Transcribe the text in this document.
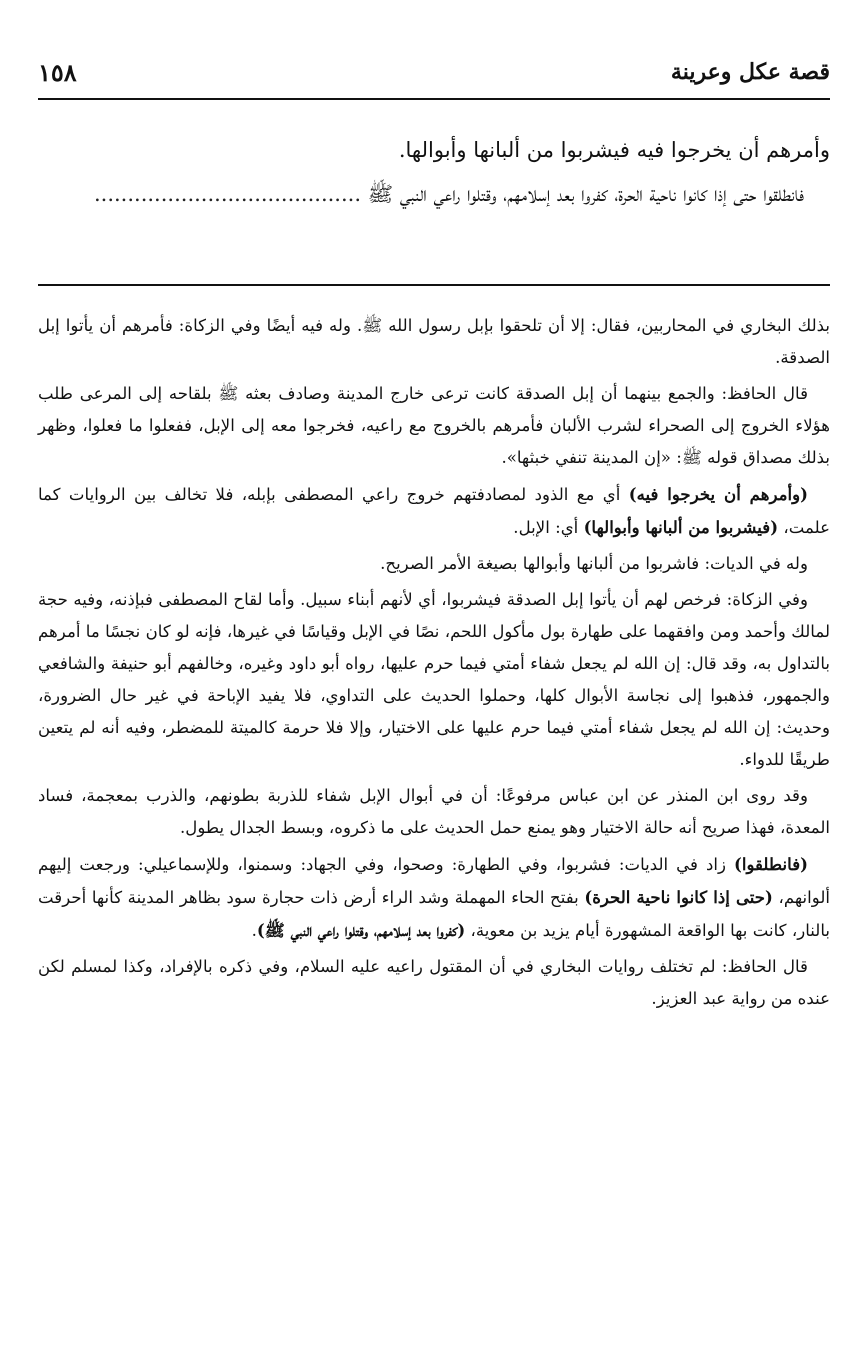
قصة عكل وعرينة
١٥٨

وأمرهم أن يخرجوا فيه فيشربوا من ألبانها وأبوالها.

فانطلقوا حتى إذا كانوا ناحية الحرة، كفروا بعد إسلامهم، وقتلوا راعي النبي ﷺ ........................................

بذلك البخاري في المحاربين، فقال: إلا أن تلحقوا بإبل رسول الله ﷺ. وله فيه أيضًا وفي الزكاة: فأمرهم أن يأتوا إبل الصدقة.

قال الحافظ: والجمع بينهما أن إبل الصدقة كانت ترعى خارج المدينة وصادف بعثه ﷺ بلقاحه إلى المرعى طلب هؤلاء الخروج إلى الصحراء لشرب الألبان فأمرهم بالخروج مع راعيه، فخرجوا معه إلى الإبل، ففعلوا ما فعلوا، وظهر بذلك مصداق قوله ﷺ: «إن المدينة تنفي خبثها».

(وأمرهم أن يخرجوا فيه) أي مع الذود لمصادفتهم خروج راعي المصطفى بإبله، فلا تخالف بين الروايات كما علمت، (فيشربوا من ألبانها وأبوالها) أي: الإبل.

وله في الديات: فاشربوا من ألبانها وأبوالها بصيغة الأمر الصريح.

وفي الزكاة: فرخص لهم أن يأتوا إبل الصدقة فيشربوا، أي لأنهم أبناء سبيل. وأما لقاح المصطفى فبإذنه، وفيه حجة لمالك وأحمد ومن وافقهما على طهارة بول مأكول اللحم، نصًا في الإبل وقياسًا في غيرها، فإنه لو كان نجسًا ما أمرهم بالتداول به، وقد قال: إن الله لم يجعل شفاء أمتي فيما حرم عليها، رواه أبو داود وغيره، وخالفهم أبو حنيفة والشافعي والجمهور، فذهبوا إلى نجاسة الأبوال كلها، وحملوا الحديث على التداوي، فلا يفيد الإباحة في غير حال الضرورة، وحديث: إن الله لم يجعل شفاء أمتي فيما حرم عليها على الاختيار، وإلا فلا حرمة كالميتة للمضطر، وفيه أنه لم يتعين طريقًا للدواء.

وقد روى ابن المنذر عن ابن عباس مرفوعًا: أن في أبوال الإبل شفاء للذربة بطونهم، والذرب بمعجمة، فساد المعدة، فهذا صريح أنه حالة الاختيار وهو يمنع حمل الحديث على ما ذكروه، وبسط الجدال يطول.

(فانطلقوا) زاد في الديات: فشربوا، وفي الطهارة: وصحوا، وفي الجهاد: وسمنوا، وللإسماعيلي: ورجعت إليهم ألوانهم، (حتى إذا كانوا ناحية الحرة) بفتح الحاء المهملة وشد الراء أرض ذات حجارة سود بظاهر المدينة كأنها أحرقت بالنار، كانت بها الواقعة المشهورة أيام يزيد بن معوية، (كفروا بعد إسلامهم، وقتلوا راعي النبي ﷺ).

قال الحافظ: لم تختلف روايات البخاري في أن المقتول راعيه عليه السلام، وفي ذكره بالإفراد، وكذا لمسلم لكن عنده من رواية عبد العزيز.
